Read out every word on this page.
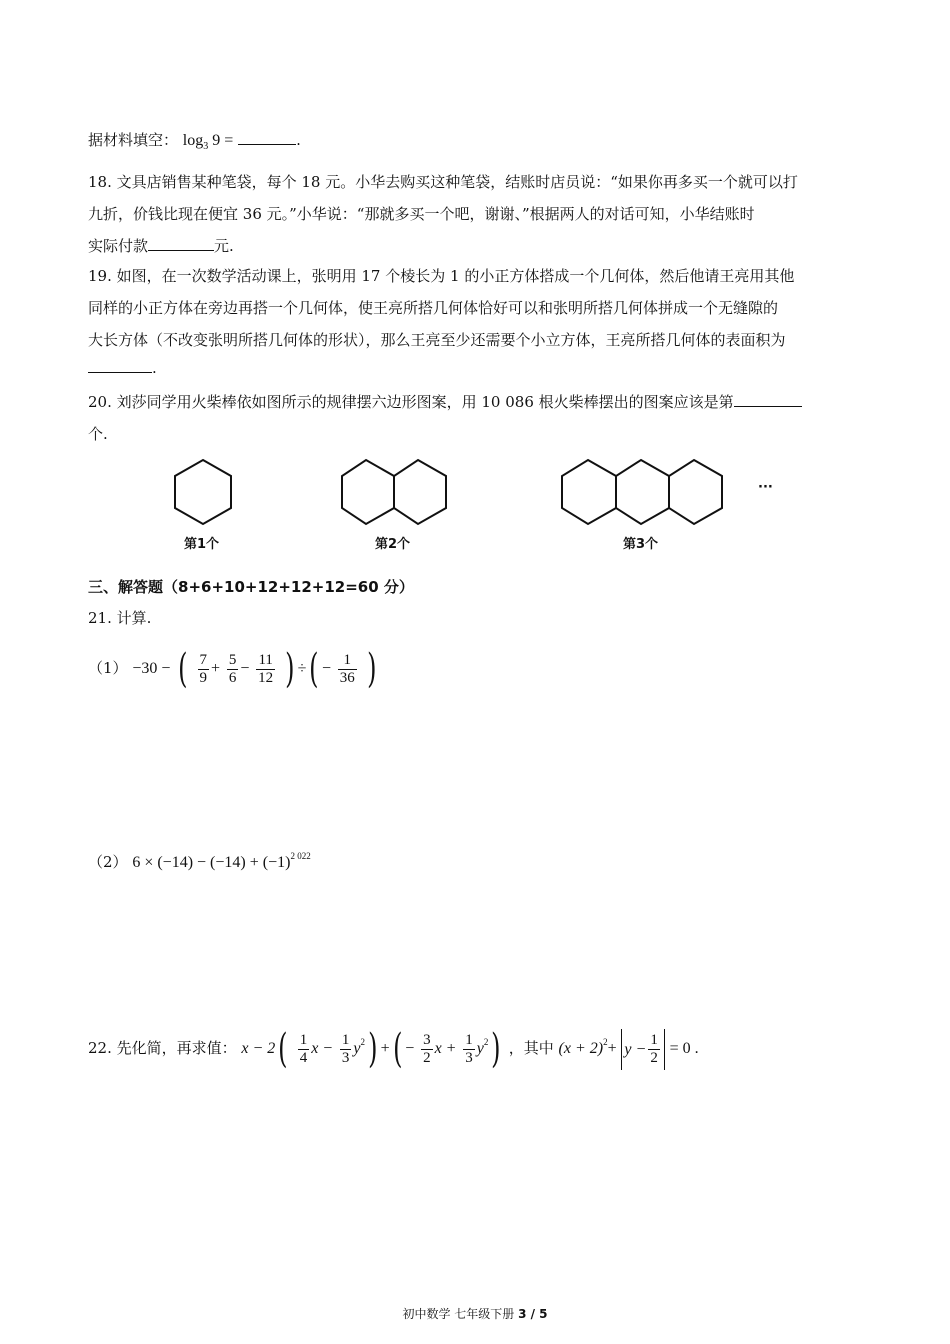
据材料填空： $\log_3 9$ =	.
18. 文具店销售某种笔袋，每个 18 元。小华去购买这种笔袋，结账时店员说：“如果你再多买一个就可以打
九折，价钱比现在便宜 36 元。”小华说：“那就多买一个吧，谢谢、”根据两人的对话可知，小华结账时
实际付款	元.
19. 如图，在一次数学活动课上，张明用 17 个棱长为 1 的小正方体搭成一个几何体，然后他请王亮用其他
同样的小正方体在旁边再搭一个几何体，使王亮所搭几何体恰好可以和张明所搭几何体拼成一个无缝隙的
大长方体（不改变张明所搭几何体的形状），那么王亮至少还需要个小立方体，王亮所搭几何体的表面积为
.
20. 刘莎同学用火柴棒依如图所示的规律摆六边形图案，用 10 086 根火柴棒摆出的图案应该是第
个.
第1个	第2个	第3个
···
三、解答题（8+6+10+12+12+12=60 分）
21. 计算.
（1） −30 − ( $\frac{7}{9} + \frac{5}{6} - \frac{11}{12}$ ) ÷( − $\frac{1}{36}$ )
（2） $6 \times (-14) - (-14) + (-1)^{2 022}$
22. 先化简，再求值： $x - 2( \frac{1}{4}$ $x - \frac{1}{3} y^2$) +( − $\frac{3}{2}$ $x + \frac{1}{3} y^2$) ，其中 $(x + 2)^2+ y - \frac{1}{2} = 0$ .
初中数学 七年级下册 3 / 5
